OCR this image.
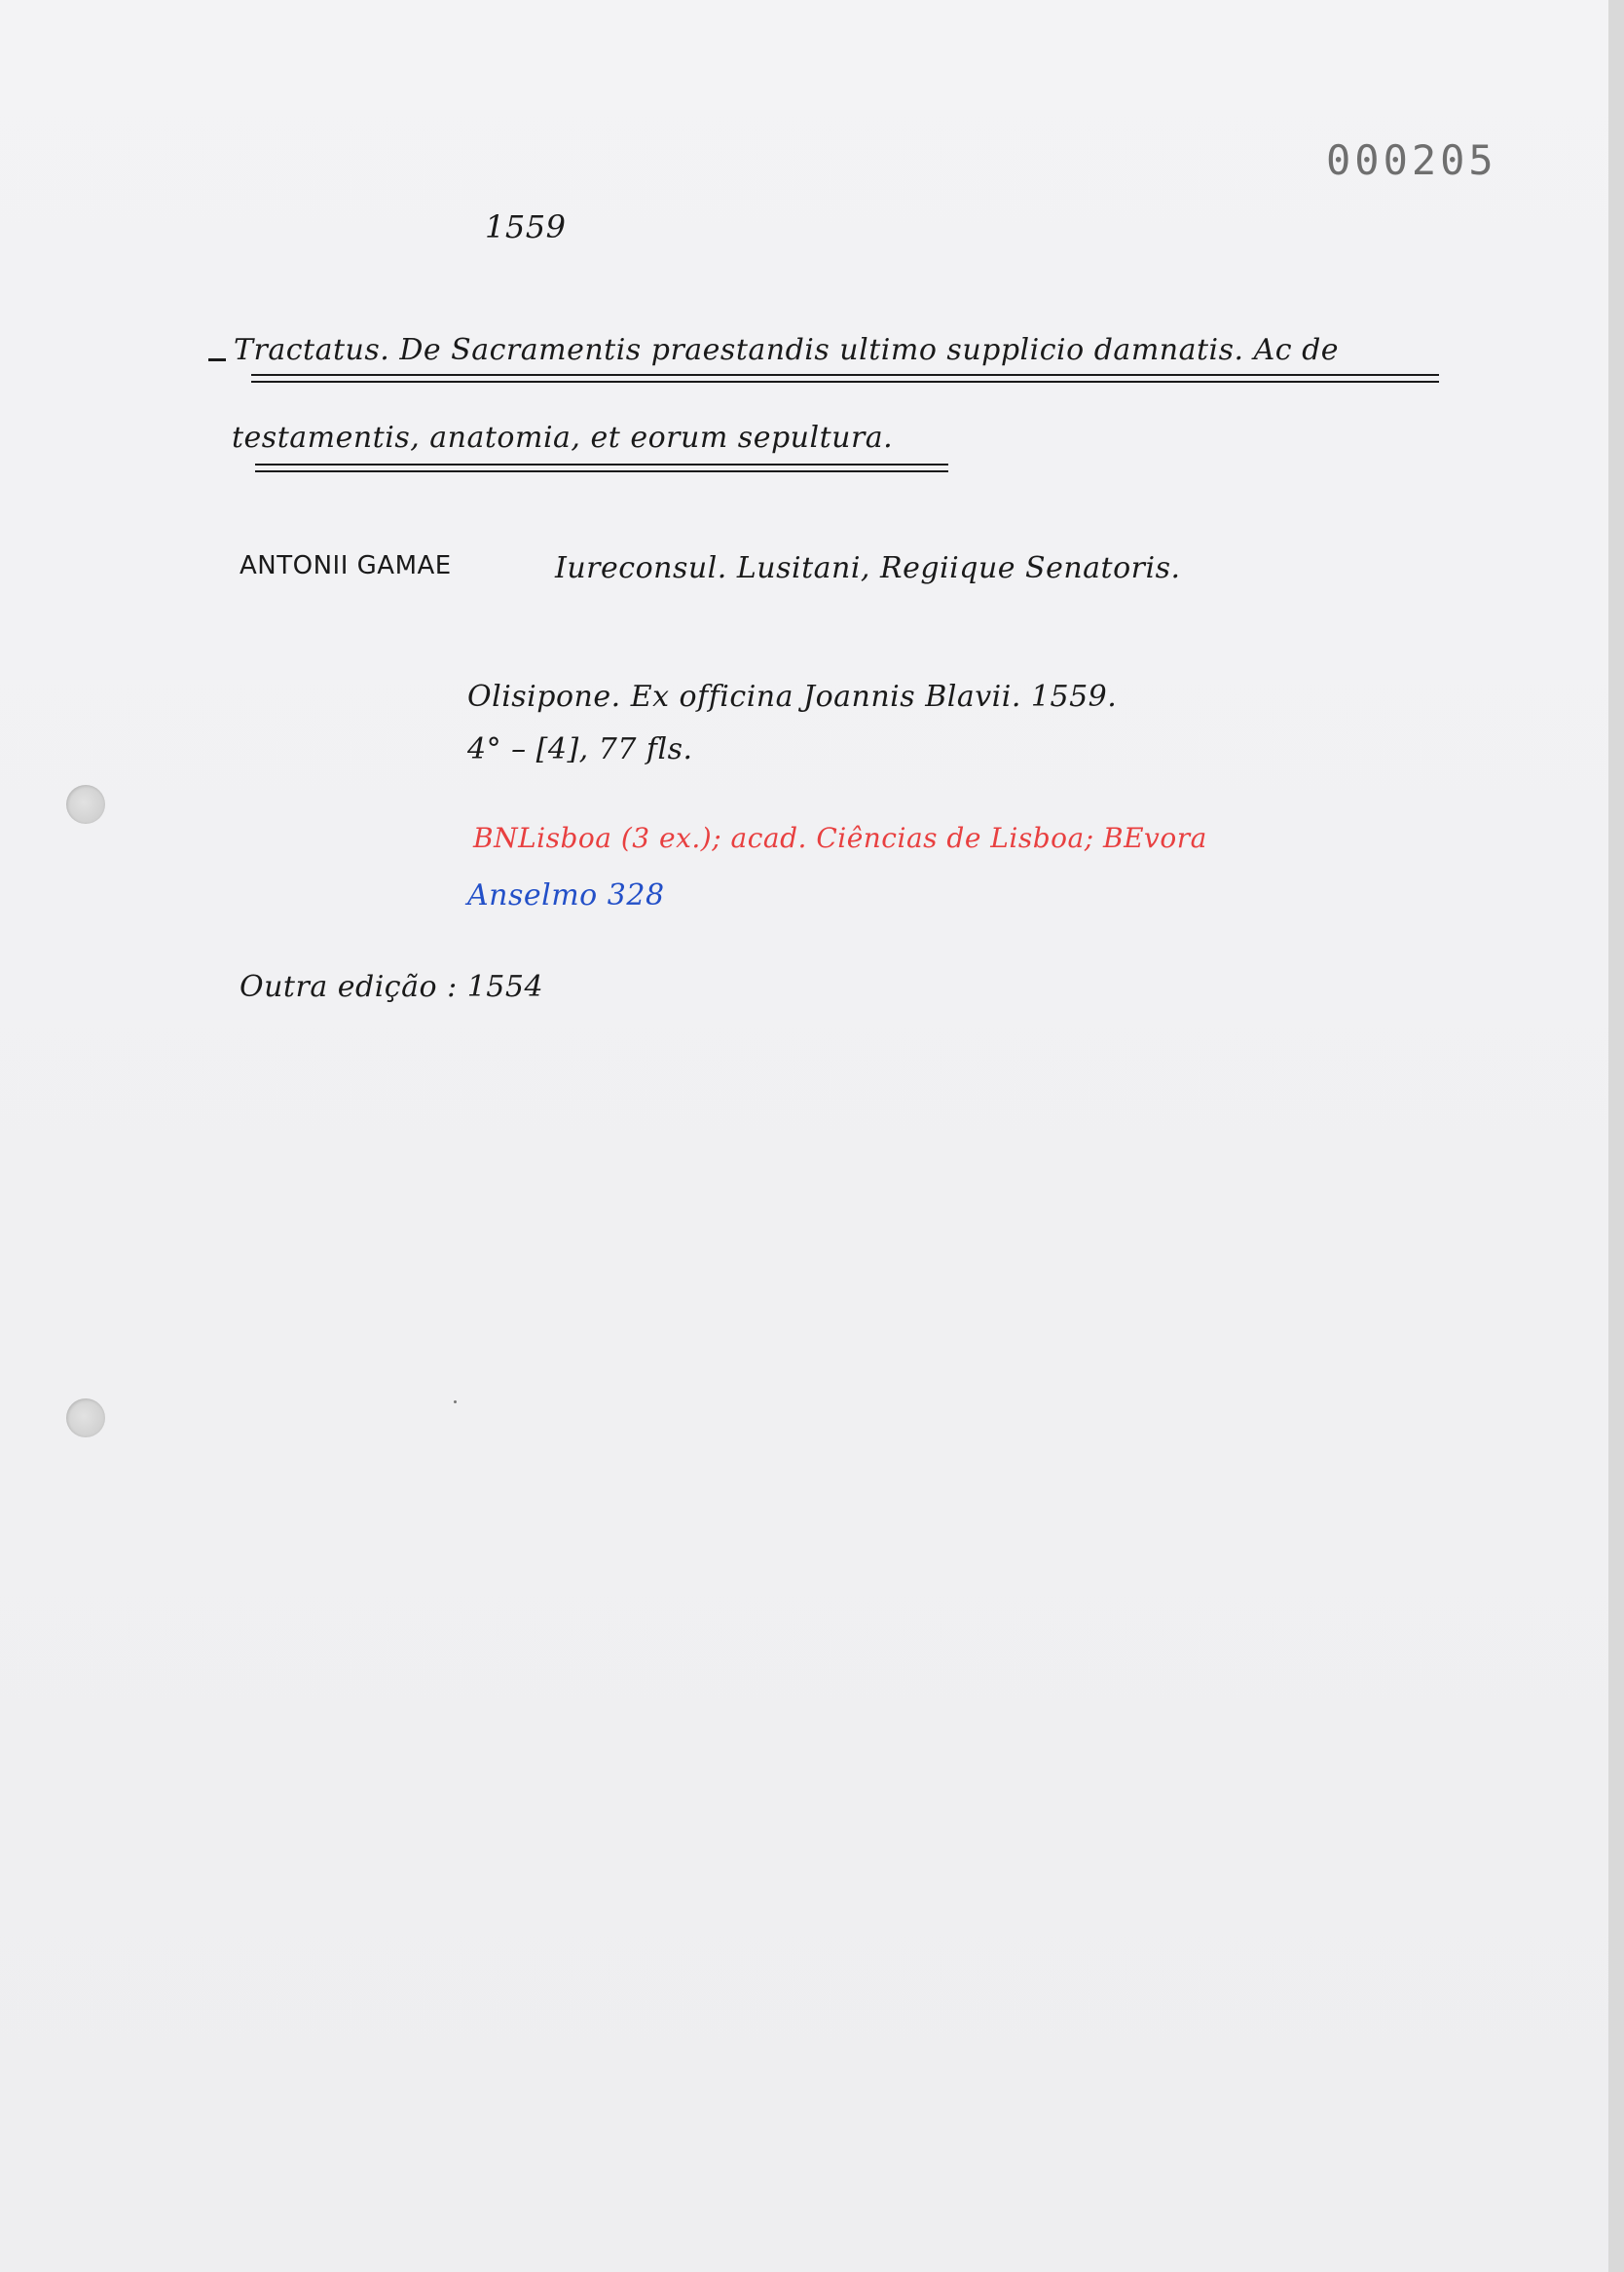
000205
1559
Tractatus. De Sacramentis praestandis ultimo supplicio damnatis. Ac de
testamentis, anatomia, et eorum sepultura.
ANTONII GAMAE	Iureconsul. Lusitani, Regiique Senatoris.
Olisipone. Ex officina Joannis Blavii. 1559.
4° – [4], 77 fls.
BNLisboa (3 ex.); acad. Ciências de Lisboa; BEvora
Anselmo 328
Outra edição : 1554
